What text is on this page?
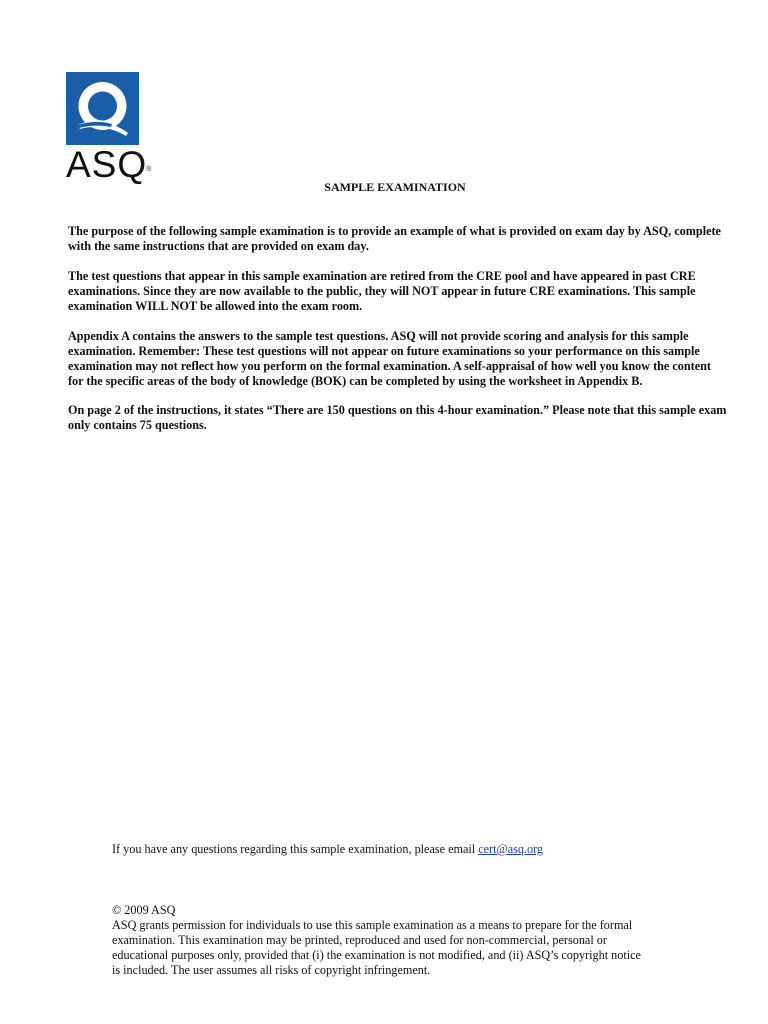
ASQ®
SAMPLE EXAMINATION

The purpose of the following sample examination is to provide an example of what is provided on exam day by ASQ, complete with the same instructions that are provided on exam day.

The test questions that appear in this sample examination are retired from the CRE pool and have appeared in past CRE examinations. Since they are now available to the public, they will NOT appear in future CRE examinations. This sample examination WILL NOT be allowed into the exam room.

Appendix A contains the answers to the sample test questions. ASQ will not provide scoring and analysis for this sample examination. Remember: These test questions will not appear on future examinations so your performance on this sample examination may not reflect how you perform on the formal examination. A self-appraisal of how well you know the content for the specific areas of the body of knowledge (BOK) can be completed by using the worksheet in Appendix B.

On page 2 of the instructions, it states “There are 150 questions on this 4-hour examination.” Please note that this sample exam only contains 75 questions.

If you have any questions regarding this sample examination, please email cert@asq.org
© 2009 ASQ
ASQ grants permission for individuals to use this sample examination as a means to prepare for the formal examination. This examination may be printed, reproduced and used for non-commercial, personal or educational purposes only, provided that (i) the examination is not modified, and (ii) ASQ’s copyright notice is included. The user assumes all risks of copyright infringement.
